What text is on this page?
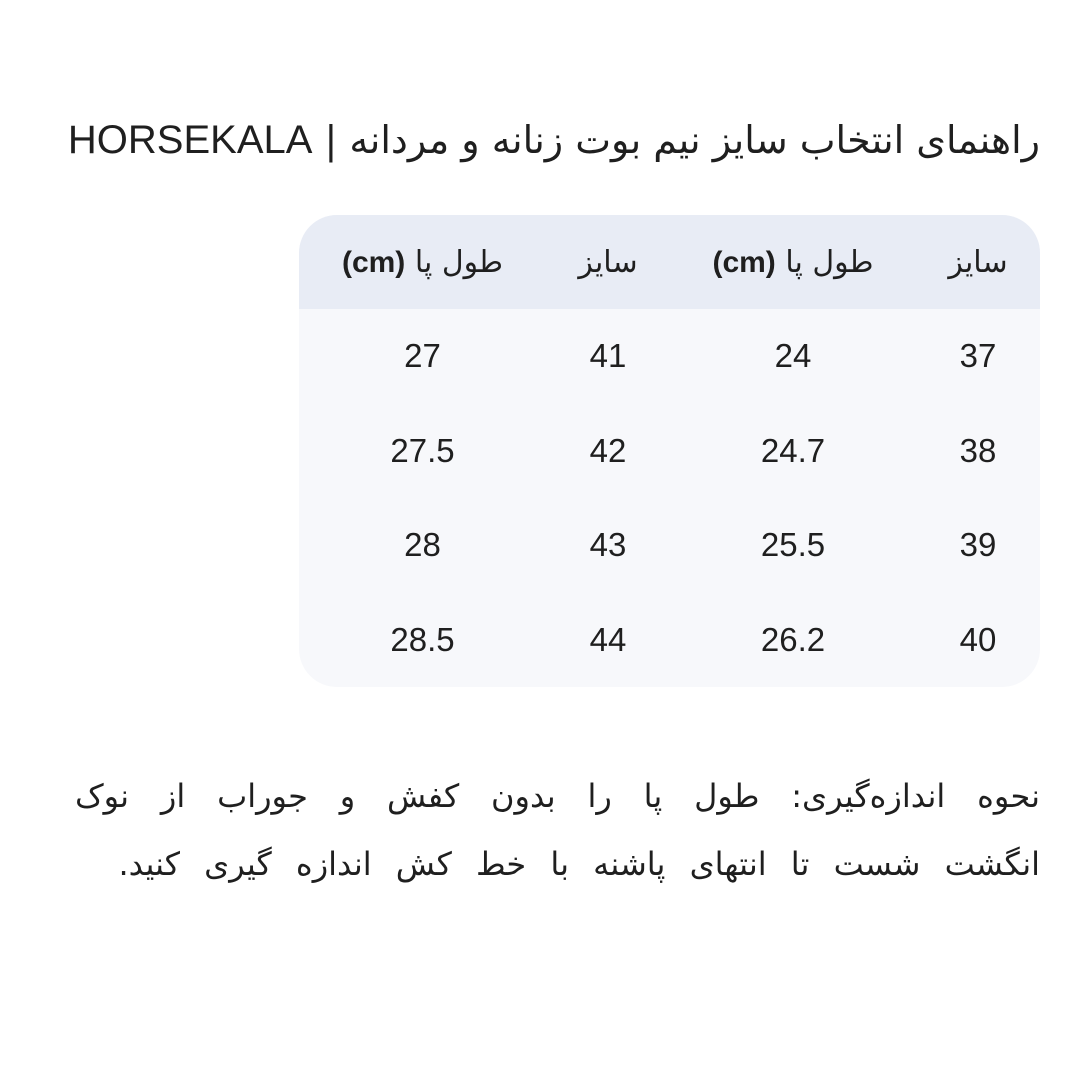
راهنمای انتخاب سایز نیم بوت زنانه و مردانه | HORSEKALA
سایز	طول پا (cm)	سایز	طول پا (cm)
37	24	41	27
38	24.7	42	27.5
39	25.5	43	28
40	26.2	44	28.5

نحوه اندازه‌گیری: طول پا را بدون کفش و جوراب از نوک انگشت شست تا انتهای پاشنه با خط کش اندازه گیری کنید.
